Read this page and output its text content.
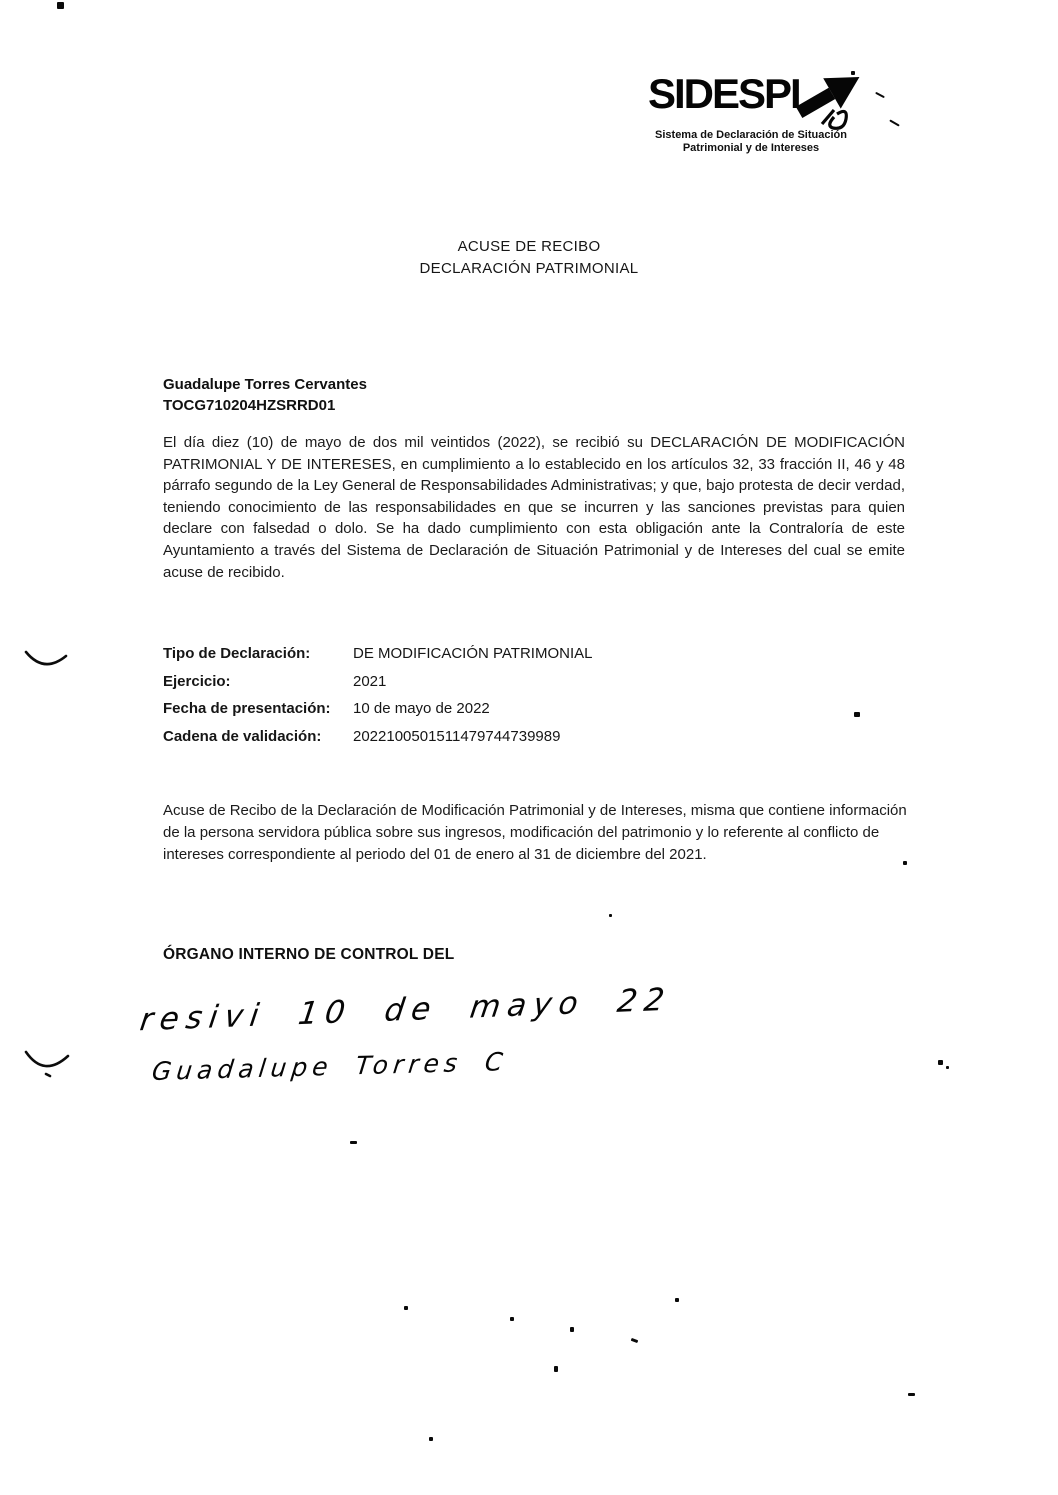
SIDESPI
Sistema de Declaración de Situación
Patrimonial y de Intereses
ACUSE DE RECIBO
DECLARACIÓN PATRIMONIAL
Guadalupe Torres Cervantes
TOCG710204HZSRRD01
El día diez (10) de mayo de dos mil veintidos (2022), se recibió su DECLARACIÓN DE MODIFICACIÓN PATRIMONIAL Y DE INTERESES, en cumplimiento a lo establecido en los artículos 32, 33 fracción II, 46 y 48 párrafo segundo de la Ley General de Responsabilidades Administrativas; y que, bajo protesta de decir verdad, teniendo conocimiento de las responsabilidades en que se incurren y las sanciones previstas para quien declare con falsedad o dolo. Se ha dado cumplimiento con esta obligación ante la Contraloría de este Ayuntamiento a través del Sistema de Declaración de Situación Patrimonial y de Intereses del cual se emite acuse de recibido.
Tipo de Declaración:	DE MODIFICACIÓN PATRIMONIAL
Ejercicio:	2021
Fecha de presentación:	10 de mayo de 2022
Cadena de validación:	2022100501511479744739989
Acuse de Recibo de la Declaración de Modificación Patrimonial y de Intereses, misma que contiene información de la persona servidora pública sobre sus ingresos, modificación del patrimonio y lo referente al conflicto de intereses correspondiente al periodo del 01 de enero al 31 de diciembre del 2021.
ÓRGANO INTERNO DE CONTROL DEL
resivi 10 de mayo 22
Guadalupe Torres C
